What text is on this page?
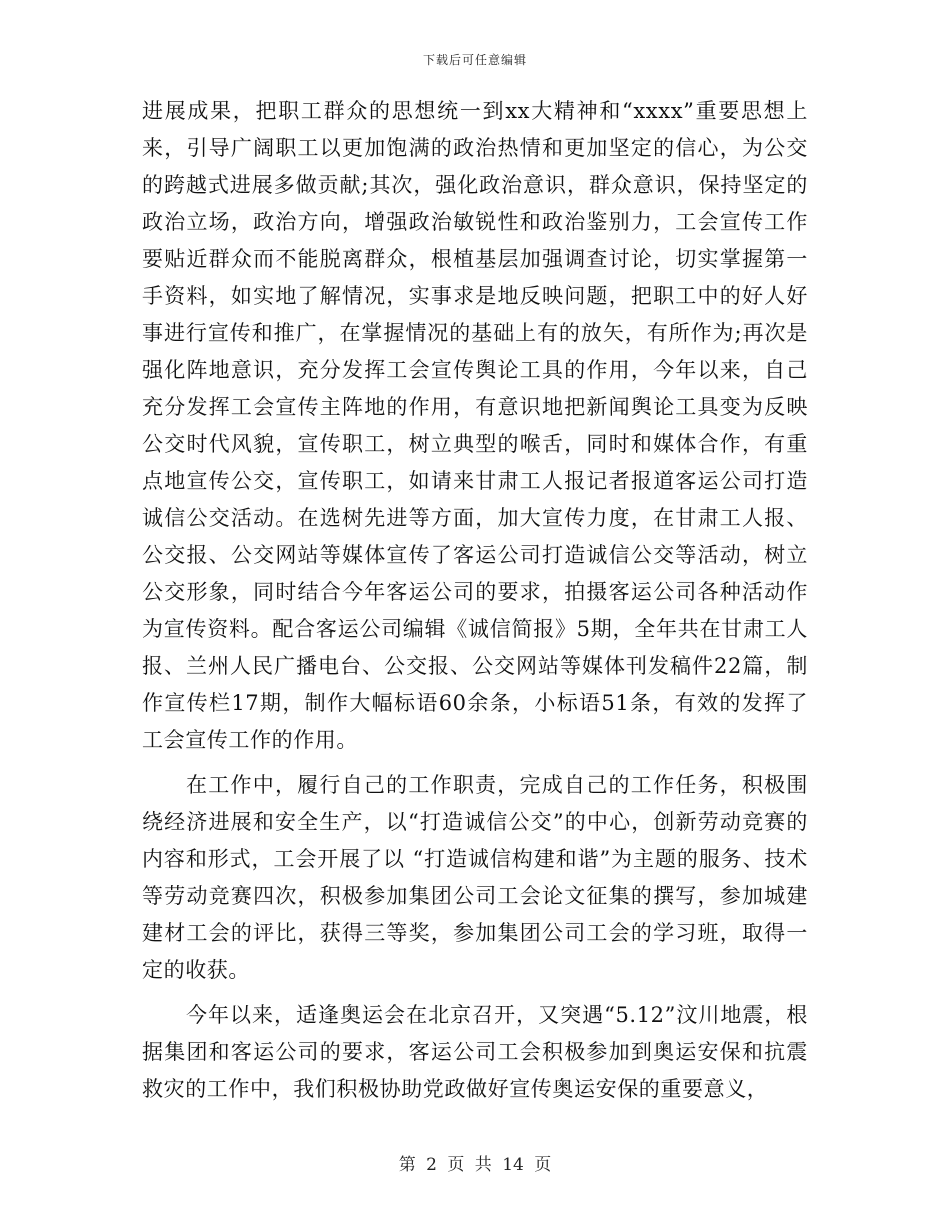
下载后可任意编辑

进展成果，把职工群众的思想统一到xx大精神和“xxxx”重要思想上来，引导广阔职工以更加饱满的政治热情和更加坚定的信心，为公交的跨越式进展多做贡献;其次，强化政治意识，群众意识，保持坚定的政治立场，政治方向，增强政治敏锐性和政治鉴别力，工会宣传工作要贴近群众而不能脱离群众，根植基层加强调查讨论，切实掌握第一手资料，如实地了解情况，实事求是地反映问题，把职工中的好人好事进行宣传和推广，在掌握情况的基础上有的放矢，有所作为;再次是强化阵地意识，充分发挥工会宣传舆论工具的作用，今年以来，自己充分发挥工会宣传主阵地的作用，有意识地把新闻舆论工具变为反映公交时代风貌，宣传职工，树立典型的喉舌，同时和媒体合作，有重点地宣传公交，宣传职工，如请来甘肃工人报记者报道客运公司打造诚信公交活动。在选树先进等方面，加大宣传力度，在甘肃工人报、公交报、公交网站等媒体宣传了客运公司打造诚信公交等活动，树立公交形象，同时结合今年客运公司的要求，拍摄客运公司各种活动作为宣传资料。配合客运公司编辑《诚信简报》5期，全年共在甘肃工人报、兰州人民广播电台、公交报、公交网站等媒体刊发稿件22篇，制作宣传栏17期，制作大幅标语60余条，小标语51条，有效的发挥了工会宣传工作的作用。

在工作中，履行自己的工作职责，完成自己的工作任务，积极围绕经济进展和安全生产，以“打造诚信公交”的中心，创新劳动竞赛的内容和形式，工会开展了以 “打造诚信构建和谐”为主题的服务、技术等劳动竞赛四次，积极参加集团公司工会论文征集的撰写，参加城建建材工会的评比，获得三等奖，参加集团公司工会的学习班，取得一定的收获。

今年以来，适逢奥运会在北京召开，又突遇“5.12”汶川地震，根据集团和客运公司的要求，客运公司工会积极参加到奥运安保和抗震救灾的工作中，我们积极协助党政做好宣传奥运安保的重要意义，

第 2 页 共 14 页
